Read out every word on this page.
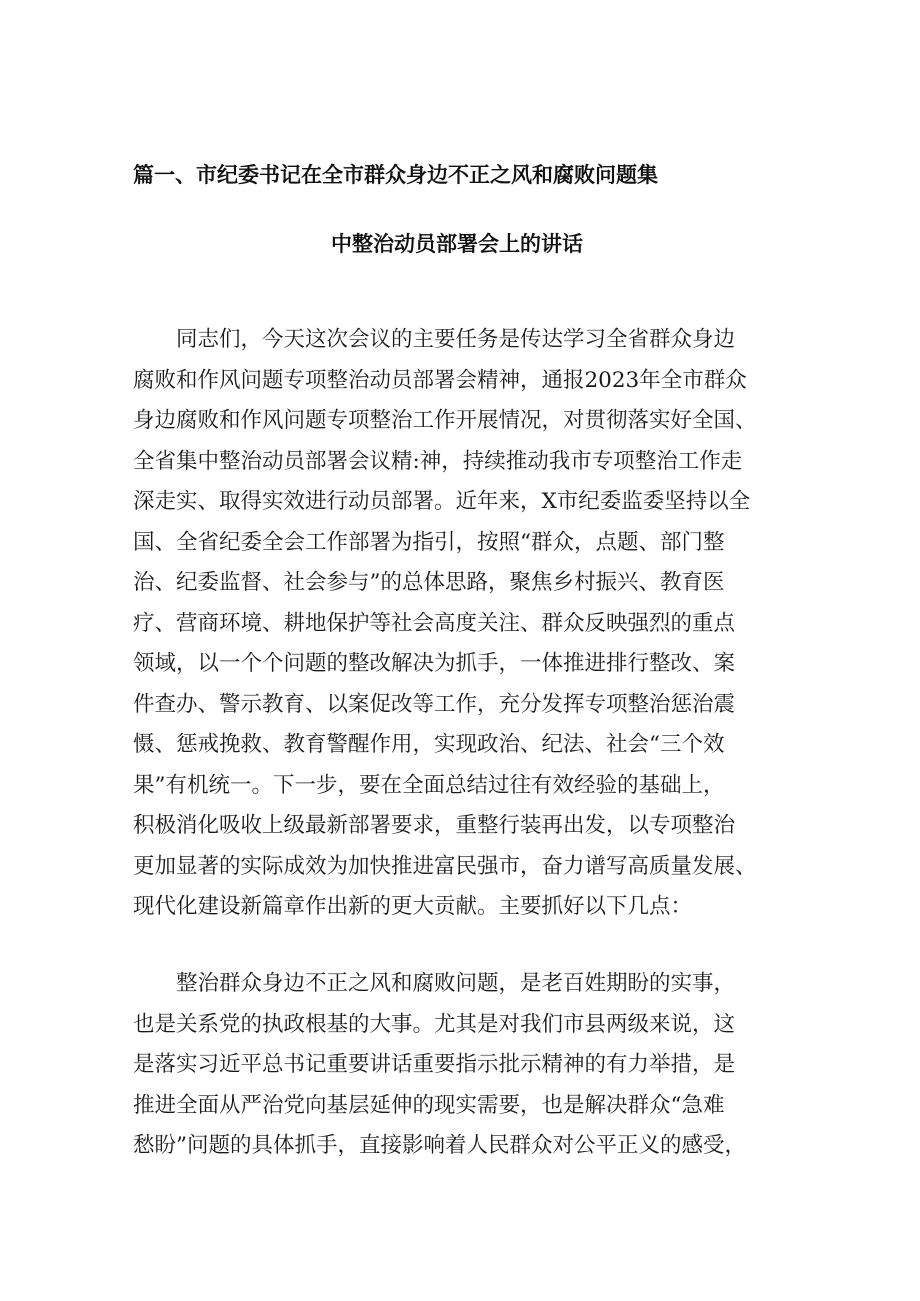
篇一、市纪委书记在全市群众身边不正之风和腐败问题集
中整治动员部署会上的讲话
同志们，今天这次会议的主要任务是传达学习全省群众身边
腐败和作风问题专项整治动员部署会精神，通报2023年全市群众
身边腐败和作风问题专项整治工作开展情况，对贯彻落实好全国、
全省集中整治动员部署会议精:神，持续推动我市专项整治工作走
深走实、取得实效进行动员部署。近年来，X市纪委监委坚持以全
国、全省纪委全会工作部署为指引，按照“群众，点题、部门整
治、纪委监督、社会参与”的总体思路，聚焦乡村振兴、教育医
疗、营商环境、耕地保护等社会高度关注、群众反映强烈的重点
领域，以一个个问题的整改解决为抓手，一体推进排行整改、案
件查办、警示教育、以案促改等工作，充分发挥专项整治惩治震
慑、惩戒挽救、教育警醒作用，实现政治、纪法、社会“三个效
果”有机统一。下一步，要在全面总结过往有效经验的基础上，
积极消化吸收上级最新部署要求，重整行装再出发，以专项整治
更加显著的实际成效为加快推进富民强市，奋力谱写高质量发展、
现代化建设新篇章作出新的更大贡献。主要抓好以下几点：
整治群众身边不正之风和腐败问题，是老百姓期盼的实事，
也是关系党的执政根基的大事。尤其是对我们市县两级来说，这
是落实习近平总书记重要讲话重要指示批示精神的有力举措，是
推进全面从严治党向基层延伸的现实需要，也是解决群众“急难
愁盼”问题的具体抓手，直接影响着人民群众对公平正义的感受，
